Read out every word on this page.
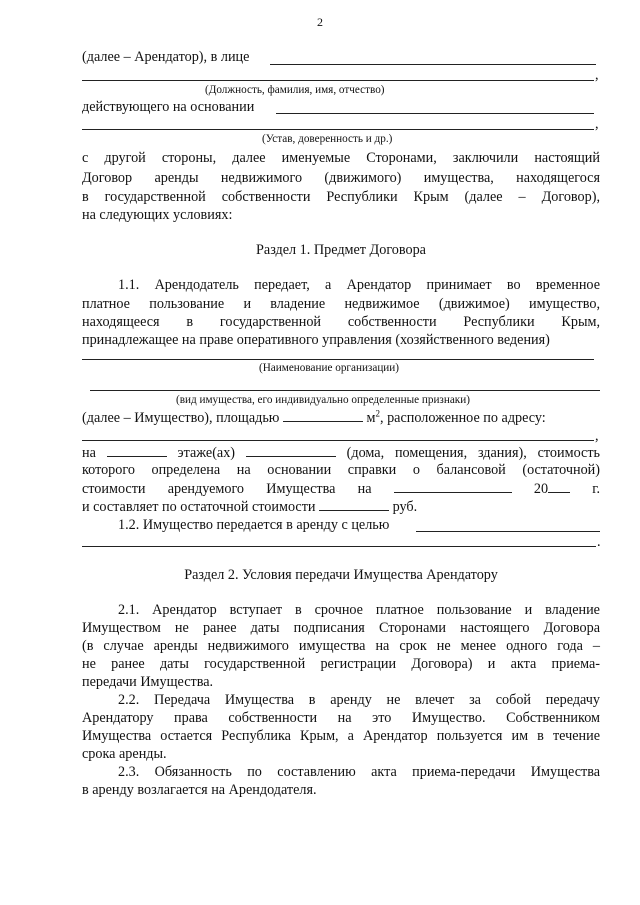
2
(далее – Арендатор), в лице
,
(Должность, фамилия, имя, отчество)
действующего на основании
,
(Устав, доверенность и др.)
с другой стороны, далее именуемые Сторонами, заключили настоящий
Договор аренды недвижимого (движимого) имущества, находящегося
в государственной собственности Республики Крым (далее – Договор),
на следующих условиях:
Раздел 1. Предмет Договора
1.1. Арендодатель передает, а Арендатор принимает во временное
платное пользование и владение недвижимое (движимое) имущество,
находящееся в государственной собственности Республики Крым,
принадлежащее на праве оперативного управления (хозяйственного ведения)
(Наименование организации)
(вид имущества, его индивидуально определенные признаки)
(далее – Имущество), площадью	$м^2$, расположенное по адресу:
,
на	этаже(ах)	(дома, помещения, здания), стоимость
которого определена на основании справки о балансовой (остаточной)
стоимости арендуемого Имущества на	20	г.
и составляет по остаточной стоимости	руб.
1.2. Имущество передается в аренду с целью
.
Раздел 2. Условия передачи Имущества Арендатору
2.1. Арендатор вступает в срочное платное пользование и владение
Имуществом не ранее даты подписания Сторонами настоящего Договора
(в случае аренды недвижимого имущества на срок не менее одного года –
не ранее даты государственной регистрации Договора) и акта приема-
передачи Имущества.
2.2. Передача Имущества в аренду не влечет за собой передачу
Арендатору права собственности на это Имущество. Собственником
Имущества остается Республика Крым, а Арендатор пользуется им в течение
срока аренды.
2.3. Обязанность по составлению акта приема-передачи Имущества
в аренду возлагается на Арендодателя.
